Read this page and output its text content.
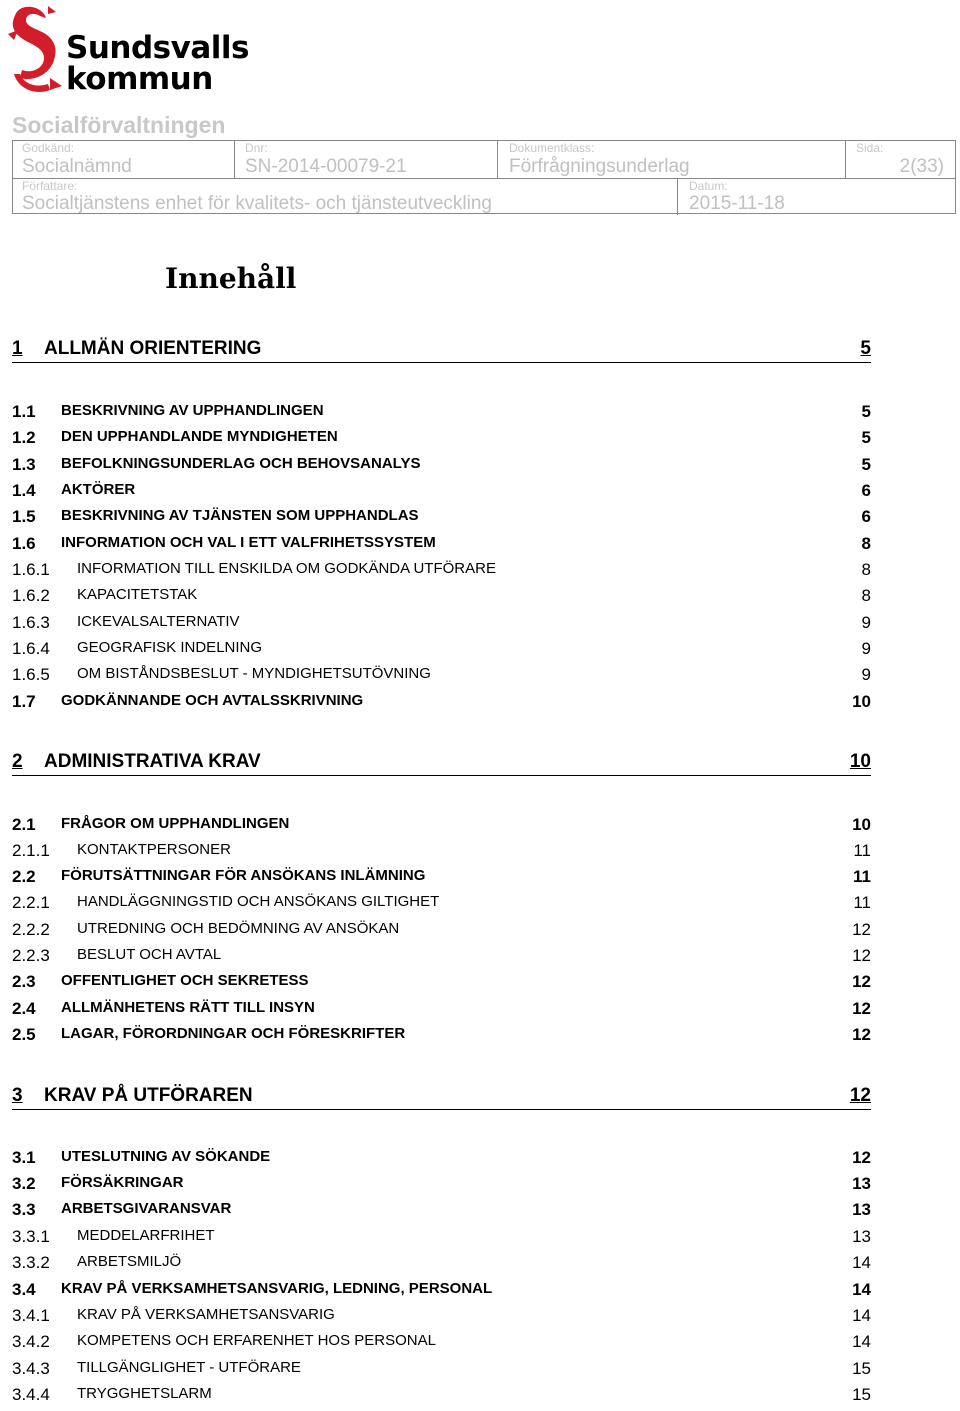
Sundsvalls
kommun
Socialförvaltningen
Godkänd:
Socialnämnd
Dnr:
SN-2014-00079-21
Dokumentklass:
Förfrågningsunderlag
Sida:
2(33)
Författare:
Socialtjänstens enhet för kvalitets- och tjänsteutveckling
Datum:
2015-11-18
Innehåll
1 ALLMÄN ORIENTERING	5
1.1 BESKRIVNING AV UPPHANDLINGEN	5
1.2 DEN UPPHANDLANDE MYNDIGHETEN	5
1.3 BEFOLKNINGSUNDERLAG OCH BEHOVSANALYS	5
1.4 AKTÖRER	6
1.5 BESKRIVNING AV TJÄNSTEN SOM UPPHANDLAS	6
1.6 INFORMATION OCH VAL I ETT VALFRIHETSSYSTEM	8
1.6.1 INFORMATION TILL ENSKILDA OM GODKÄNDA UTFÖRARE	8
1.6.2 KAPACITETSTAK	8
1.6.3 ICKEVALSALTERNATIV	9
1.6.4 GEOGRAFISK INDELNING	9
1.6.5 OM BISTÅNDSBESLUT - MYNDIGHETSUTÖVNING	9
1.7 GODKÄNNANDE OCH AVTALSSKRIVNING	10
2 ADMINISTRATIVA KRAV	10
2.1 FRÅGOR OM UPPHANDLINGEN	10
2.1.1 KONTAKTPERSONER	11
2.2 FÖRUTSÄTTNINGAR FÖR ANSÖKANS INLÄMNING	11
2.2.1 HANDLÄGGNINGSTID OCH ANSÖKANS GILTIGHET	11
2.2.2 UTREDNING OCH BEDÖMNING AV ANSÖKAN	12
2.2.3 BESLUT OCH AVTAL	12
2.3 OFFENTLIGHET OCH SEKRETESS	12
2.4 ALLMÄNHETENS RÄTT TILL INSYN	12
2.5 LAGAR, FÖRORDNINGAR OCH FÖRESKRIFTER	12
3 KRAV PÅ UTFÖRAREN	12
3.1 UTESLUTNING AV SÖKANDE	12
3.2 FÖRSÄKRINGAR	13
3.3 ARBETSGIVARANSVAR	13
3.3.1 MEDDELARFRIHET	13
3.3.2 ARBETSMILJÖ	14
3.4 KRAV PÅ VERKSAMHETSANSVARIG, LEDNING, PERSONAL	14
3.4.1 KRAV PÅ VERKSAMHETSANSVARIG	14
3.4.2 KOMPETENS OCH ERFARENHET HOS PERSONAL	14
3.4.3 TILLGÄNGLIGHET - UTFÖRARE	15
3.4.4 TRYGGHETSLARM	15
